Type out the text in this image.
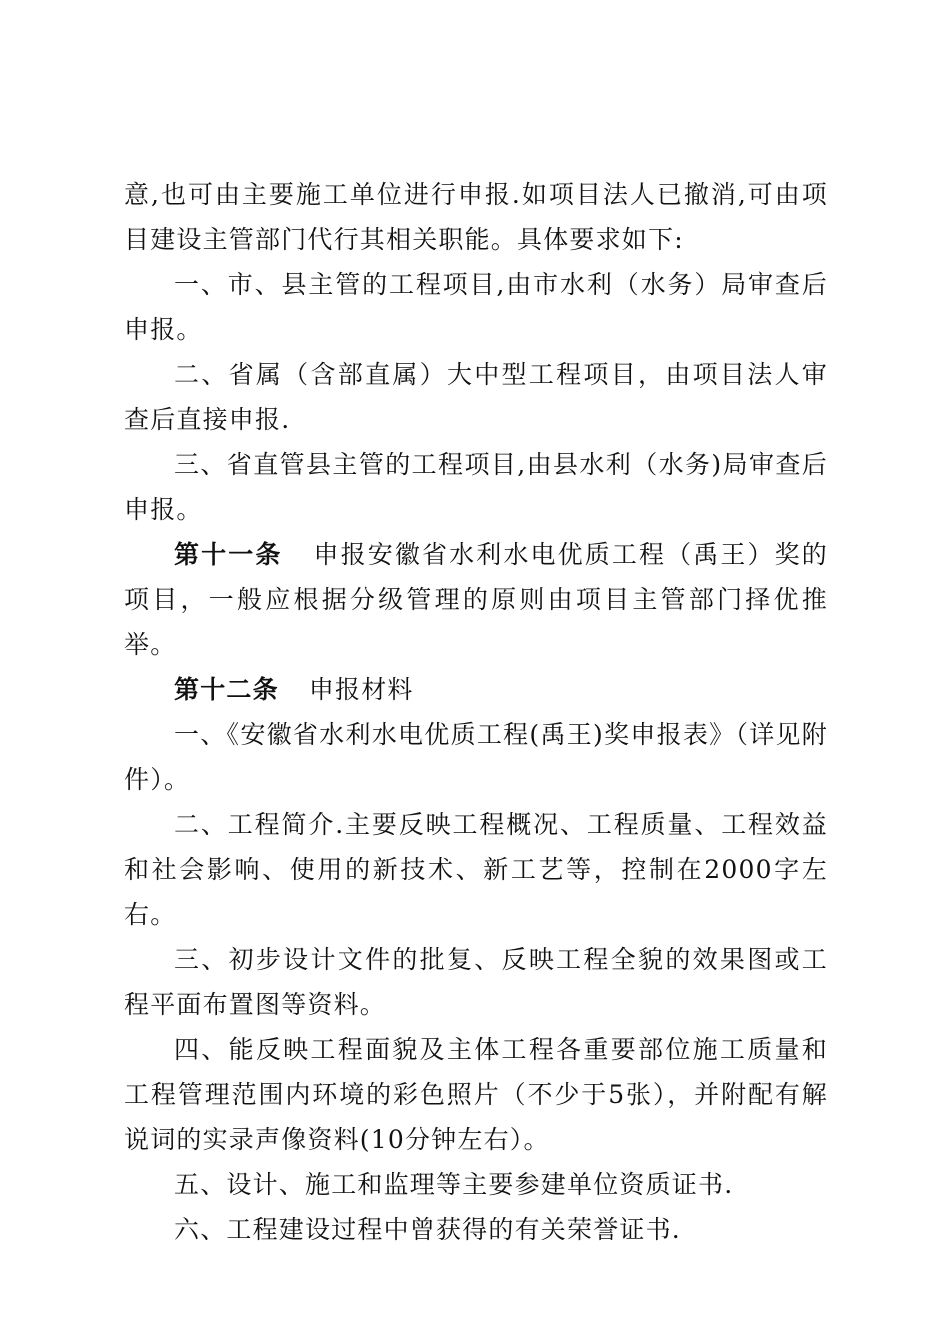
意,也可由主要施工单位进行申报.如项目法人已撤消,可由项目建设主管部门代行其相关职能。具体要求如下:

一、市、县主管的工程项目,由市水利（水务）局审查后申报。

二、省属（含部直属）大中型工程项目，由项目法人审查后直接申报.

三、省直管县主管的工程项目,由县水利（水务)局审查后申报。

第十一条 申报安徽省水利水电优质工程（禹王）奖的项目，一般应根据分级管理的原则由项目主管部门择优推举。

第十二条 申报材料

一、《安徽省水利水电优质工程(禹王)奖申报表》（详见附件）。

二、工程简介.主要反映工程概况、工程质量、工程效益和社会影响、使用的新技术、新工艺等，控制在2000字左右。

三、初步设计文件的批复、反映工程全貌的效果图或工程平面布置图等资料。

四、能反映工程面貌及主体工程各重要部位施工质量和工程管理范围内环境的彩色照片（不少于5张），并附配有解说词的实录声像资料(10分钟左右）。

五、设计、施工和监理等主要参建单位资质证书.

六、工程建设过程中曾获得的有关荣誉证书.
